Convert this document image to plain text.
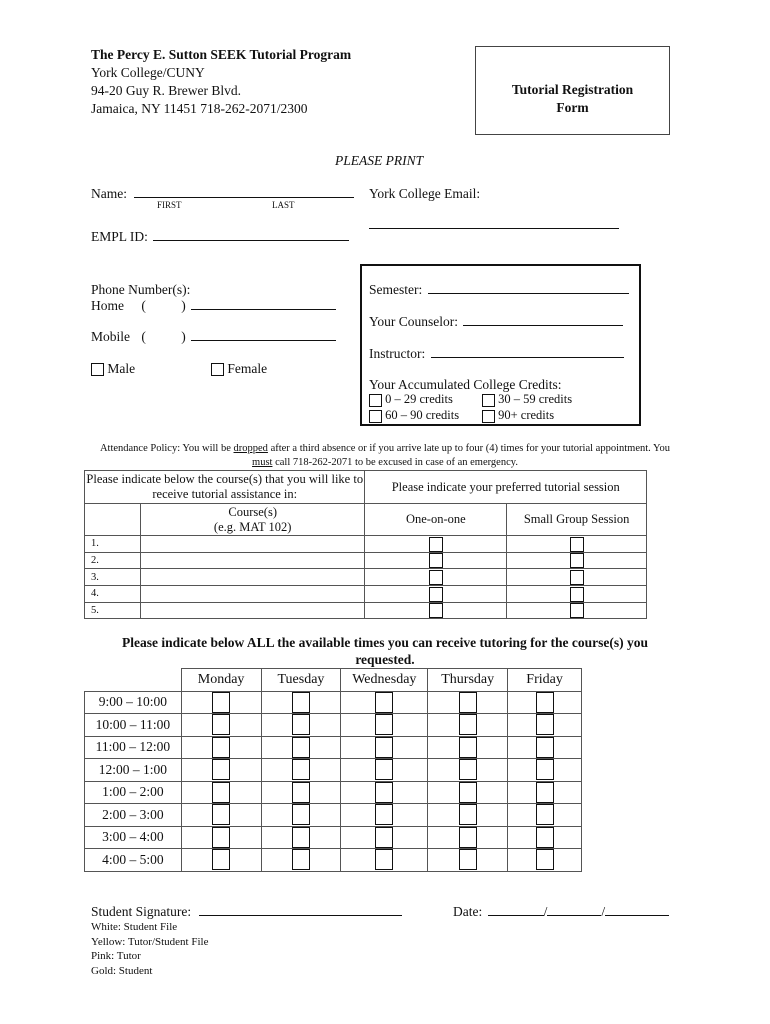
The Percy E. Sutton SEEK Tutorial Program
York College/CUNY
94-20 Guy R. Brewer Blvd.
Jamaica, NY 11451 718-262-2071/2300
Tutorial Registration
Form
PLEASE PRINT
Name:
FIRST	LAST
York College Email:
EMPL ID:
Phone Number(s):
Home (	)
Mobile (	)
Male	Female
Semester:
Your Counselor:
Instructor:
Your Accumulated College Credits:
0 – 29 credits	30 – 59 credits
60 – 90 credits	90+ credits
Attendance Policy: You will be dropped after a third absence or if you arrive late up to four (4) times for your tutorial appointment. You must call 718-262-2071 to be excused in case of an emergency.
Please indicate below the course(s) that you will like to receive tutorial assistance in:		Please indicate your preferred tutorial session	

	Course(s)
(e.g. MAT 102)	One-on-one	Small Group Session
1.			
2.			
3.			
4.			
5.			
Please indicate below ALL the available times you can receive tutoring for the course(s) you requested.
	Monday	Tuesday	Wednesday	Thursday	Friday
9:00 – 10:00					
10:00 – 11:00					
11:00 – 12:00					
12:00 – 1:00					
1:00 – 2:00					
2:00 – 3:00					
3:00 – 4:00					
4:00 – 5:00					
Student Signature:	Date:	/	/
White: Student File
Yellow: Tutor/Student File
Pink: Tutor
Gold: Student
